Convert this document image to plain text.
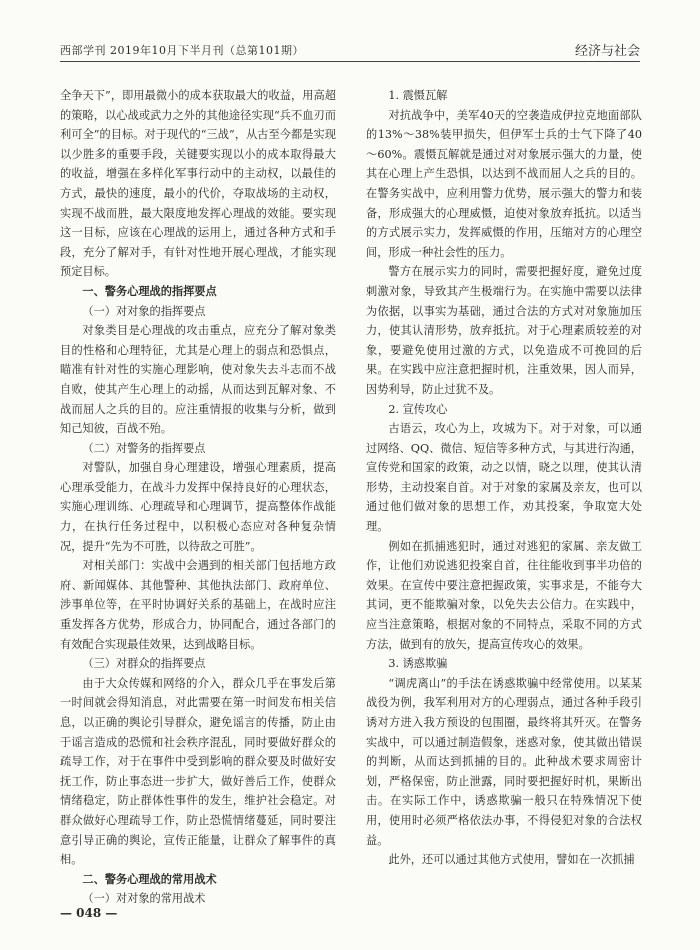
西部学刊 2019年10月下半月刊（总第101期）	经济与社会

全争天下”，即用最微小的成本获取最大的收益，用高超的策略，以心战或武力之外的其他途径实现“兵不血刃而利可全”的目标。对于现代的“三战”，从古至今都是实现以少胜多的重要手段，关键要实现以小的成本取得最大的收益，增强在多样化军事行动中的主动权，以最佳的方式，最快的速度，最小的代价，夺取战场的主动权，实现不战而胜，最大限度地发挥心理战的效能。要实现这一目标，应该在心理战的运用上，通过各种方式和手段，充分了解对手，有针对性地开展心理战，才能实现预定目标。

一、警务心理战的指挥要点

（一）对对象的指挥要点

对象类目是心理战的攻击重点，应充分了解对象类目的性格和心理特征，尤其是心理上的弱点和恐惧点，瞄准有针对性的实施心理影响，使对象失去斗志而不战自败，使其产生心理上的动摇，从而达到瓦解对象、不战而屈人之兵的目的。应注重情报的收集与分析，做到知己知彼，百战不殆。

（二）对警务的指挥要点

对警队，加强自身心理建设，增强心理素质，提高心理承受能力，在战斗力发挥中保持良好的心理状态，实施心理训练、心理疏导和心理调节，提高整体作战能力，在执行任务过程中，以积极心态应对各种复杂情况，提升“先为不可胜，以待敌之可胜”。

对相关部门：实战中会遇到的相关部门包括地方政府、新闻媒体、其他警种、其他执法部门、政府单位、涉事单位等，在平时协调好关系的基础上，在战时应注重发挥各方优势，形成合力，协同配合，通过各部门的有效配合实现最佳效果，达到战略目标。

（三）对群众的指挥要点

由于大众传媒和网络的介入，群众几乎在事发后第一时间就会得知消息，对此需要在第一时间发布相关信息，以正确的舆论引导群众，避免谣言的传播，防止由于谣言造成的恐慌和社会秩序混乱，同时要做好群众的疏导工作，对于在事件中受到影响的群众要及时做好安抚工作，防止事态进一步扩大，做好善后工作，使群众情绪稳定，防止群体性事件的发生，维护社会稳定。对群众做好心理疏导工作，防止恐慌情绪蔓延，同时要注意引导正确的舆论，宣传正能量，让群众了解事件的真相。

二、警务心理战的常用战术

（一）对对象的常用战术

1. 震慑瓦解

对抗战争中，美军40天的空袭造成伊拉克地面部队的13%～38%装甲损失，但伊军士兵的士气下降了40～60%。震慑瓦解就是通过对对象展示强大的力量，使其在心理上产生恐惧，以达到不战而屈人之兵的目的。在警务实战中，应利用警力优势，展示强大的警力和装备，形成强大的心理威慑，迫使对象放弃抵抗。以适当的方式展示实力，发挥威慑的作用，压缩对方的心理空间，形成一种社会性的压力。

警方在展示实力的同时，需要把握好度，避免过度刺激对象，导致其产生极端行为。在实施中需要以法律为依据，以事实为基础，通过合法的方式对对象施加压力，使其认清形势，放弃抵抗。对于心理素质较差的对象，要避免使用过激的方式，以免造成不可挽回的后果。在实践中应注意把握时机，注重效果，因人而异，因势利导，防止过犹不及。

2. 宣传攻心

古语云，攻心为上，攻城为下。对于对象，可以通过网络、QQ、微信、短信等多种方式，与其进行沟通，宣传党和国家的政策，动之以情，晓之以理，使其认清形势，主动投案自首。对于对象的家属及亲友，也可以通过他们做对象的思想工作，劝其投案，争取宽大处理。

例如在抓捕逃犯时，通过对逃犯的家属、亲友做工作，让他们劝说逃犯投案自首，往往能收到事半功倍的效果。在宣传中要注意把握政策，实事求是，不能夸大其词，更不能欺骗对象，以免失去公信力。在实践中，应当注意策略，根据对象的不同特点，采取不同的方式方法，做到有的放矢，提高宣传攻心的效果。

3. 诱惑欺骗

“调虎离山”的手法在诱惑欺骗中经常使用。以某某战役为例，我军利用对方的心理弱点，通过各种手段引诱对方进入我方预设的包围圈，最终将其歼灭。在警务实战中，可以通过制造假象，迷惑对象，使其做出错误的判断，从而达到抓捕的目的。此种战术要求周密计划，严格保密，防止泄露，同时要把握好时机，果断出击。在实际工作中，诱惑欺骗一般只在特殊情况下使用，使用时必须严格依法办事，不得侵犯对象的合法权益。

此外，还可以通过其他方式使用，譬如在一次抓捕

— 048 —
